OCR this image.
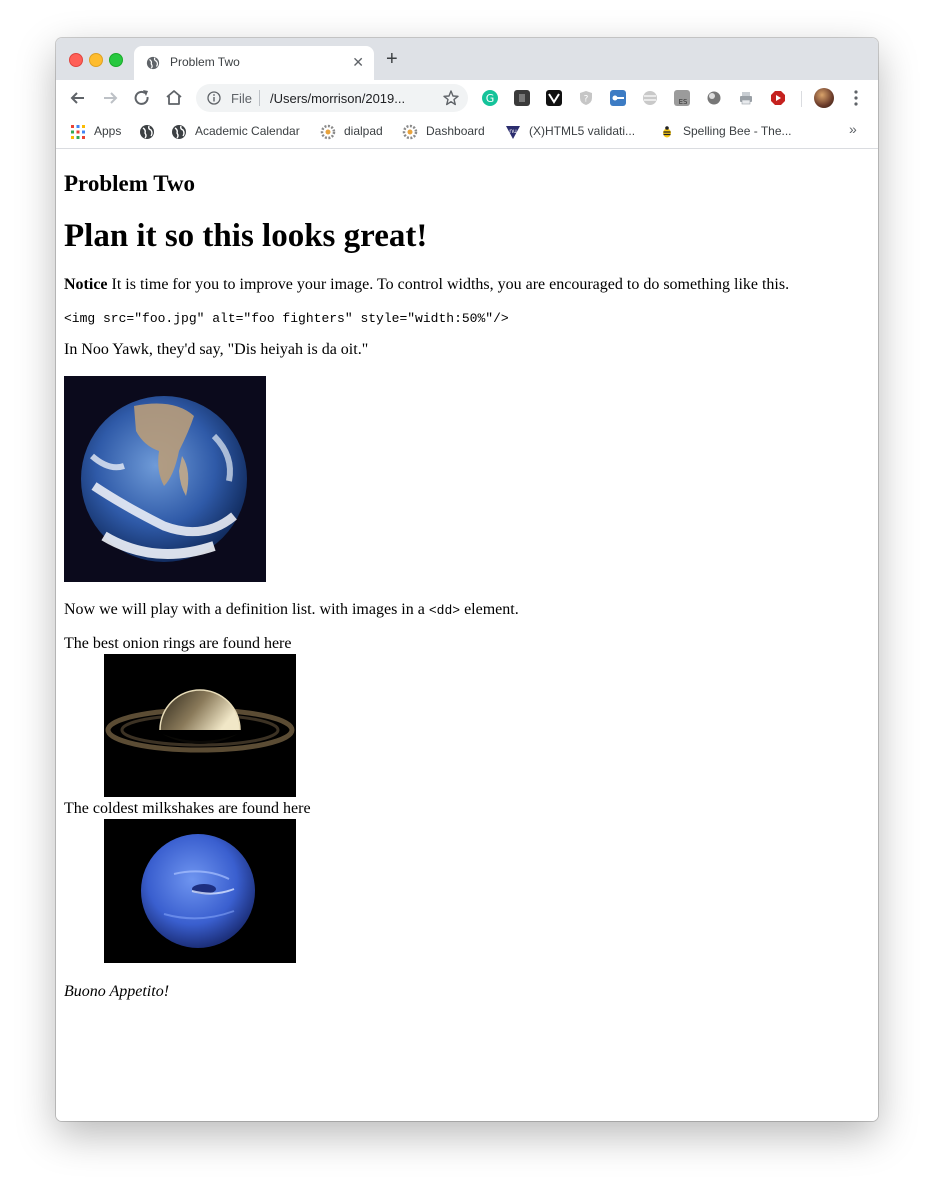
Problem Two	✕ +
File /Users/morrison/2019...	G	?	ES
Apps	Academic Calendar	dialpad	Dashboard	nu (X)HTML5 validati...	Spelling Bee - The...	»
Problem Two
Plan it so this looks great!

Notice It is time for you to improve your image. To control widths, you are encouraged to do something like this.

<img src="foo.jpg" alt="foo fighters" style="width:50%"/>

In Noo Yawk, they'd say, "Dis heiyah is da oit."

Now we will play with a definition list. with images in a <dd> element.

The best onion rings are found here
The coldest milkshakes are found here

Buono Appetito!
